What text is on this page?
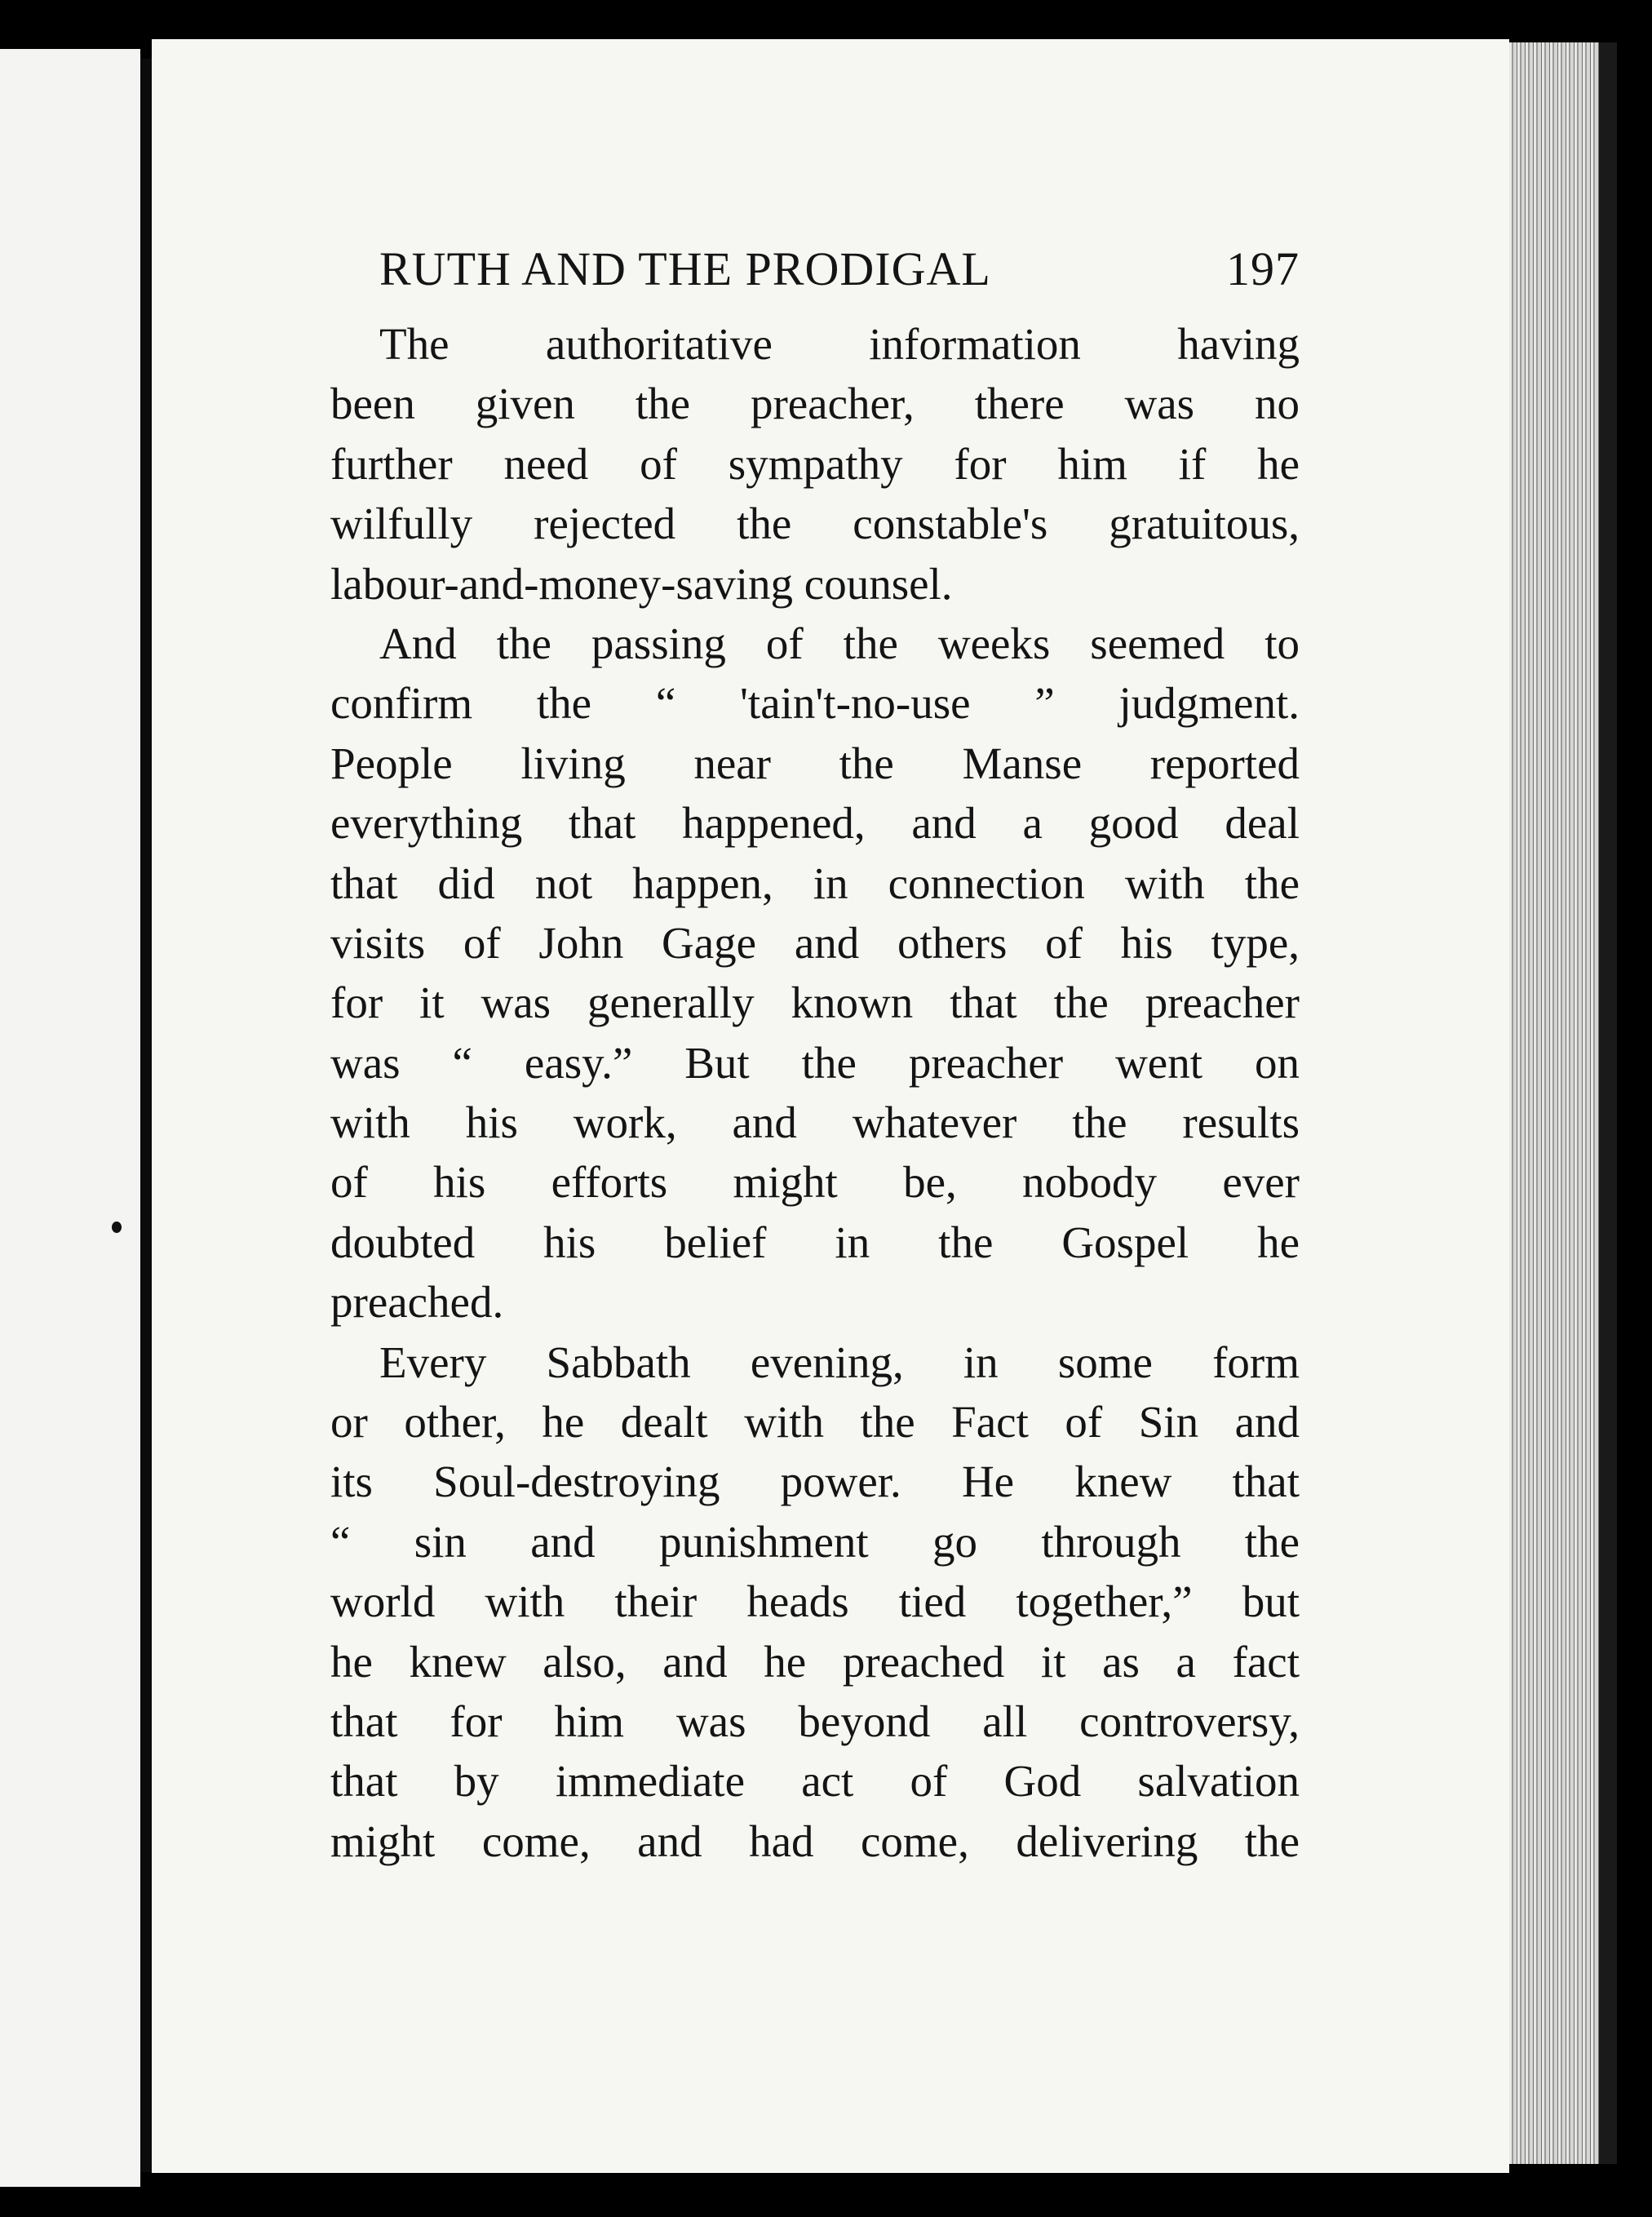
RUTH AND THE PRODIGAL	197
The authoritative information having
been given the preacher, there was no
further need of sympathy for him if he
wilfully rejected the constable's gratuitous,
labour-and-money-saving counsel.
And the passing of the weeks seemed to
confirm the “ 'tain't-no-use ” judgment.
People living near the Manse reported
everything that happened, and a good deal
that did not happen, in connection with the
visits of John Gage and others of his type,
for it was generally known that the preacher
was “ easy.” But the preacher went on
with his work, and whatever the results
of his efforts might be, nobody ever
doubted his belief in the Gospel he
preached.
Every Sabbath evening, in some form
or other, he dealt with the Fact of Sin and
its Soul-destroying power. He knew that
“ sin and punishment go through the
world with their heads tied together,” but
he knew also, and he preached it as a fact
that for him was beyond all controversy,
that by immediate act of God salvation
might come, and had come, delivering the
